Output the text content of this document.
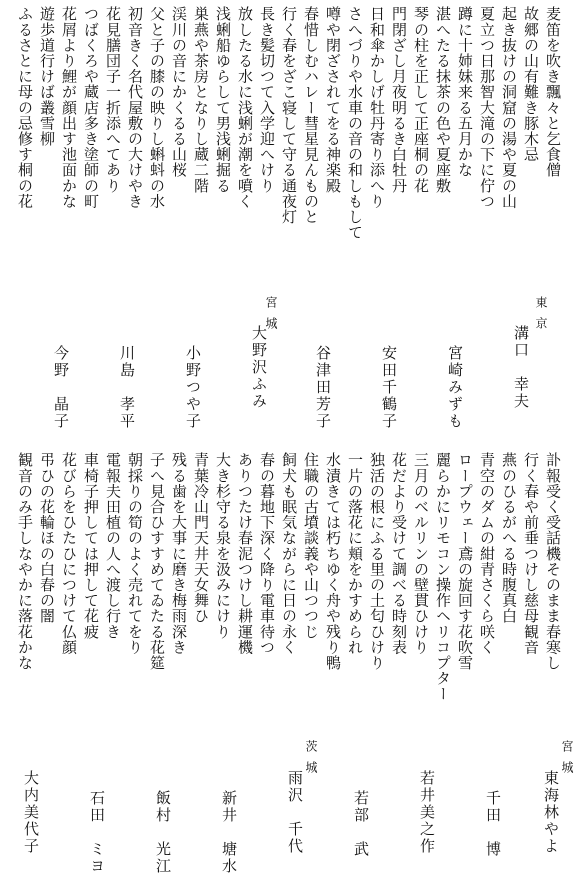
麦笛を吹き飄々と乞食僧
故郷の山有難き豚木忌
起き抜けの洞窟の湯や夏の山
夏立つ日那智大滝の下に佇つ
蹲に十姉妹来る五月かな
湛へたる抹茶の色や夏座敷
琴の柱を正して正座桐の花
門閉ざし月夜明るき白牡丹
日和傘かしげ牡丹寄り添へり
さへづりや水車の音の和しもして
噂や閉ざされてをる神楽殿
春惜しむハレー彗星見んものと
行く春をざこ寝して守る通夜灯
長き髪切つて入学迎へけり
放したる水に浅蜊が潮を噴く
浅蜊船ゆらして男浅蜊掘る
巣燕や茶房となりし蔵二階
渓川の音にかくるる山桜
父と子の膝の映りし蝌蚪の水
初音きく名代屋敷の大けやき
花見膳団子一折添へてあり
つばくろや蔵店多き塗師の町
花屑より鯉が顔出す池面かな
遊歩道行けば叢雪柳
ふるさとに母の忌修す桐の花
東京
溝口　幸夫
宮崎みずも
安田千鶴子
谷津田芳子
宮城
大野沢ふみ
小野つや子
川島　孝平
今野　晶子
訃報受く受話機そのまま春寒し
行く春や前垂つけし慈母観音
燕のひるがへる時腹真白
青空のダムの紺青さくら咲く
ロープウェー鳶の旋回す花吹雪
麗らかにリモコン操作ヘリコプター
三月のベルリンの壁貫ひけり
花だより受けて調べる時刻表
独活の根にふる里の土匂ひけり
一片の落花に頬をかすめられ
水漬きては朽ちゆく舟や残り鴨
住職の古墳談義や山つつじ
飼犬も眠気ながらに日の永く
春の暮地下深く降り電車待つ
ありつたけ春泥つけし耕運機
大き杉守る泉を汲みにけり
青葉冷山門天井天女舞ひ
残る歯を大事に磨き梅雨深き
子へ見合ひすすめてゐたる花筵
朝採りの筍のよく売れてをり
電報夫田植の人へ渡し行き
車椅子押しては押して花疲
花びらをひたひにつけて仏顔
弔ひの花輪ほの白春の闇
観音のみ手しなやかに落花かな
宮城
東海林やよ
千田　博
若井美之作
若部　武
茨城
雨沢　千代
新井　塘水
飯村　光江
石田　ミヨ
大内美代子
